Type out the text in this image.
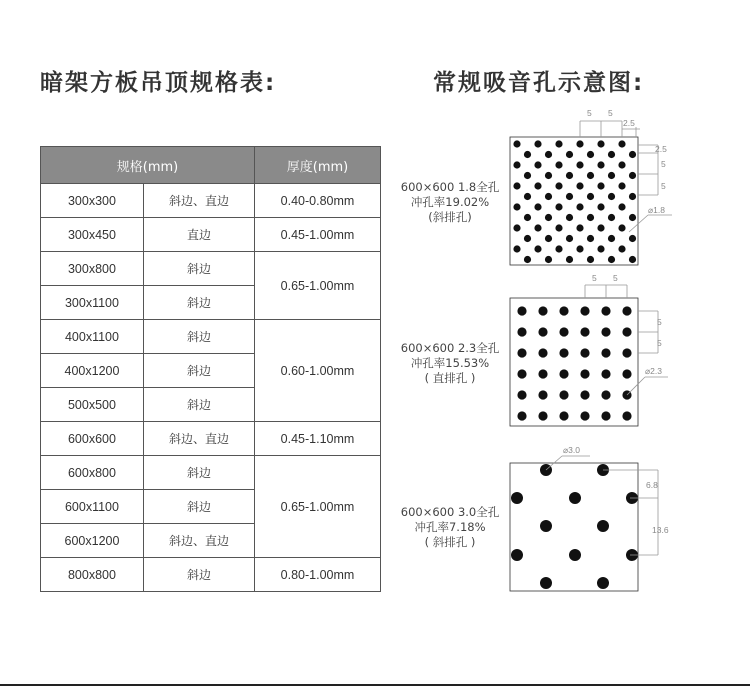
暗架方板吊顶规格表:	常规吸音孔示意图:
规格(mm)		厚度(mm)
300x300	斜边、直边	0.40-0.80mm
300x450	直边	0.45-1.00mm
300x800	斜边	0.65-1.00mm
300x1100	斜边	
400x1100	斜边	0.60-1.00mm
400x1200	斜边	
500x500	斜边	
600x600	斜边、直边	0.45-1.10mm
600x800	斜边	0.65-1.00mm
600x1100	斜边	
600x1200	斜边、直边	
800x800	斜边	0.80-1.00mm
600×600 1.8全孔
冲孔率19.02%
(斜排孔)
600×600 2.3全孔
冲孔率15.53%
( 直排孔 )
600×600 3.0全孔
冲孔率7.18%
( 斜排孔 )
5 5
2.5
2.5
5
5
⌀1.8
5 5
5
5
⌀2.3
⌀3.0
6.8
13.6
